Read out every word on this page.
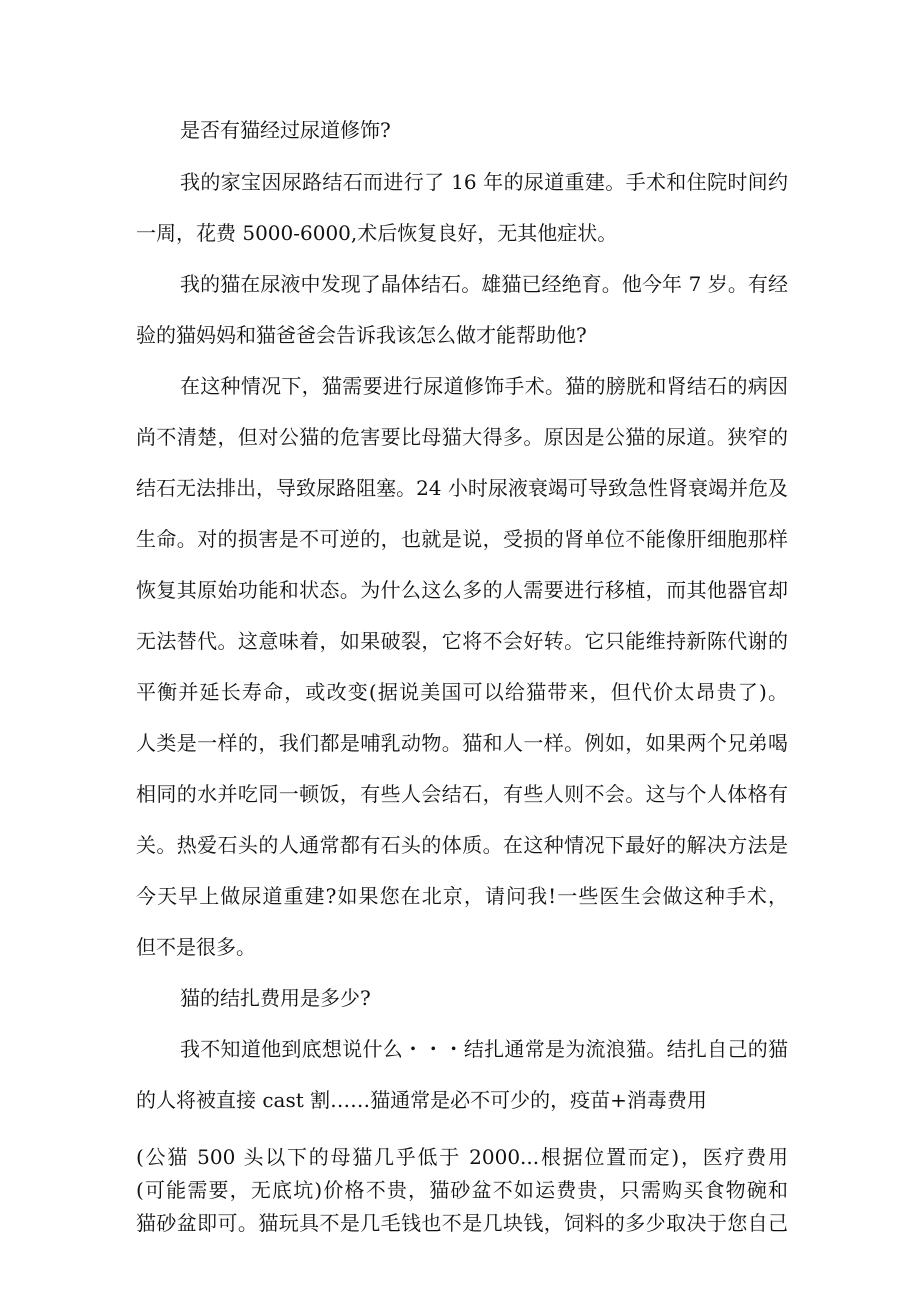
是否有猫经过尿道修饰?
我的家宝因尿路结石而进行了 16 年的尿道重建。手术和住院时间约
一周，花费 5000-6000,术后恢复良好，无其他症状。
我的猫在尿液中发现了晶体结石。雄猫已经绝育。他今年 7 岁。有经
验的猫妈妈和猫爸爸会告诉我该怎么做才能帮助他?
在这种情况下，猫需要进行尿道修饰手术。猫的膀胱和肾结石的病因
尚不清楚，但对公猫的危害要比母猫大得多。原因是公猫的尿道。狭窄的
结石无法排出，导致尿路阻塞。24 小时尿液衰竭可导致急性肾衰竭并危及
生命。对的损害是不可逆的，也就是说，受损的肾单位不能像肝细胞那样
恢复其原始功能和状态。为什么这么多的人需要进行移植，而其他器官却
无法替代。这意味着，如果破裂，它将不会好转。它只能维持新陈代谢的
平衡并延长寿命，或改变(据说美国可以给猫带来，但代价太昂贵了)。
人类是一样的，我们都是哺乳动物。猫和人一样。例如，如果两个兄弟喝
相同的水并吃同一顿饭，有些人会结石，有些人则不会。这与个人体格有
关。热爱石头的人通常都有石头的体质。在这种情况下最好的解决方法是
今天早上做尿道重建?如果您在北京，请问我!一些医生会做这种手术，
但不是很多。
猫的结扎费用是多少?
我不知道他到底想说什么・・・结扎通常是为流浪猫。结扎自己的猫
的人将被直接 cast 割……猫通常是必不可少的，疫苗+消毒费用
(公猫 500 头以下的母猫几乎低于 2000...根据位置而定)，医疗费用
(可能需要，无底坑)价格不贵，猫砂盆不如运费贵，只需购买食物碗和
猫砂盆即可。猫玩具不是几毛钱也不是几块钱，饲料的多少取决于您自己
